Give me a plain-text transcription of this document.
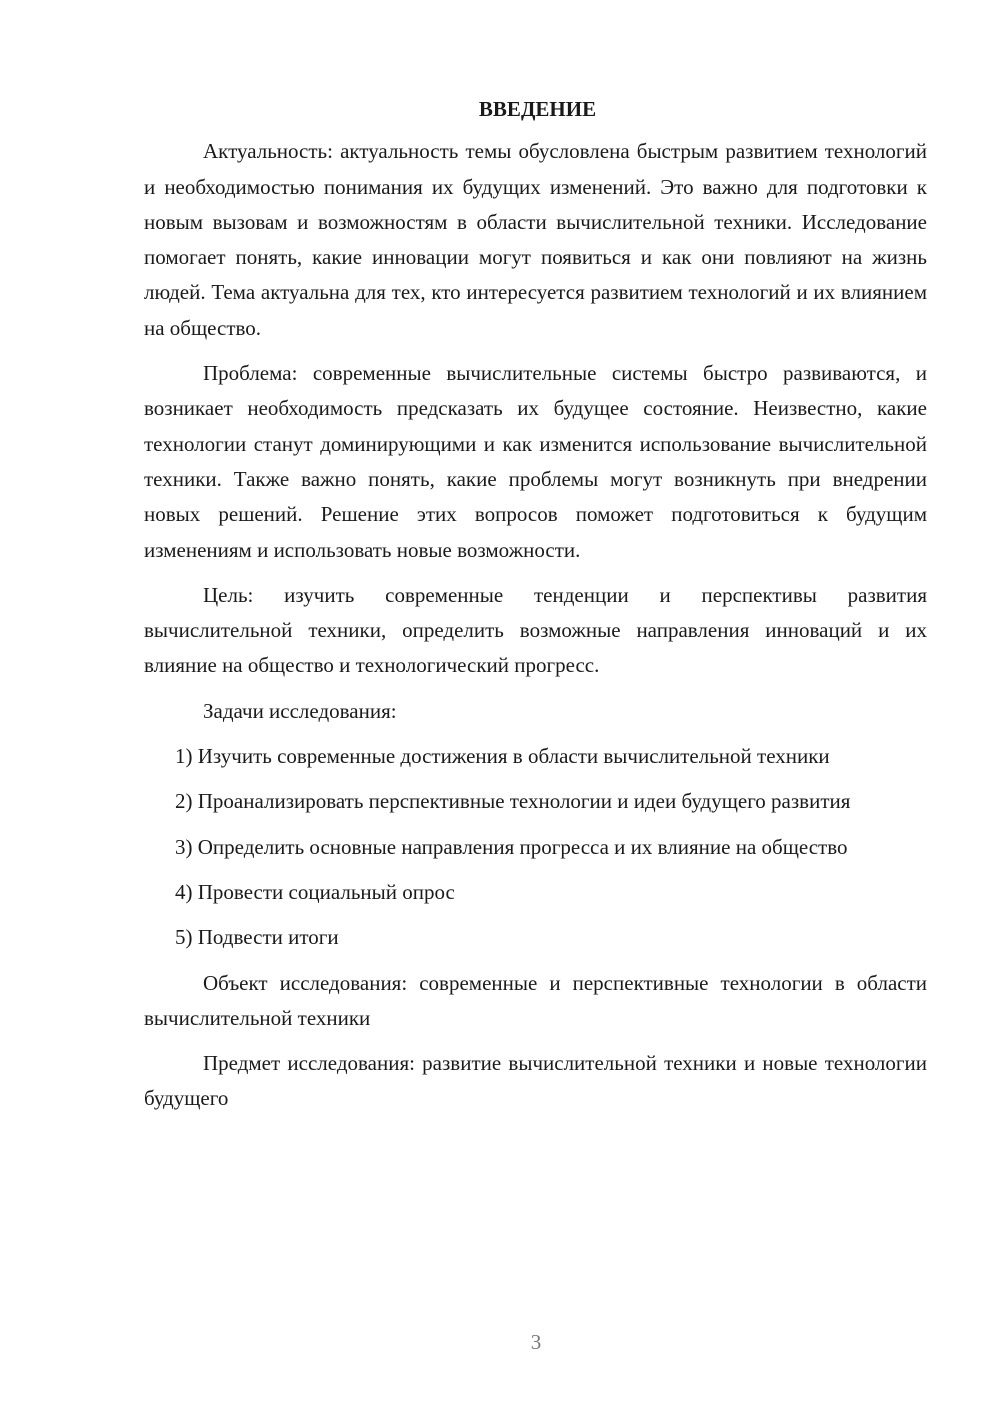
ВВЕДЕНИЕ

Актуальность: актуальность темы обусловлена быстрым развитием технологий и необходимостью понимания их будущих изменений. Это важно для подготовки к новым вызовам и возможностям в области вычислительной техники. Исследование помогает понять, какие инновации могут появиться и как они повлияют на жизнь людей. Тема актуальна для тех, кто интересуется развитием технологий и их влиянием на общество.

Проблема: современные вычислительные системы быстро развиваются, и возникает необходимость предсказать их будущее состояние. Неизвестно, какие технологии станут доминирующими и как изменится использование вычислительной техники. Также важно понять, какие проблемы могут возникнуть при внедрении новых решений. Решение этих вопросов поможет подготовиться к будущим изменениям и использовать новые возможности.

Цель: изучить современные тенденции и перспективы развития вычислительной техники, определить возможные направления инноваций и их влияние на общество и технологический прогресс.

Задачи исследования:

1) Изучить современные достижения в области вычислительной техники

2) Проанализировать перспективные технологии и идеи будущего развития

3) Определить основные направления прогресса и их влияние на общество

4) Провести социальный опрос

5) Подвести итоги

Объект исследования: современные и перспективные технологии в области вычислительной техники

Предмет исследования: развитие вычислительной техники и новые технологии будущего

3
